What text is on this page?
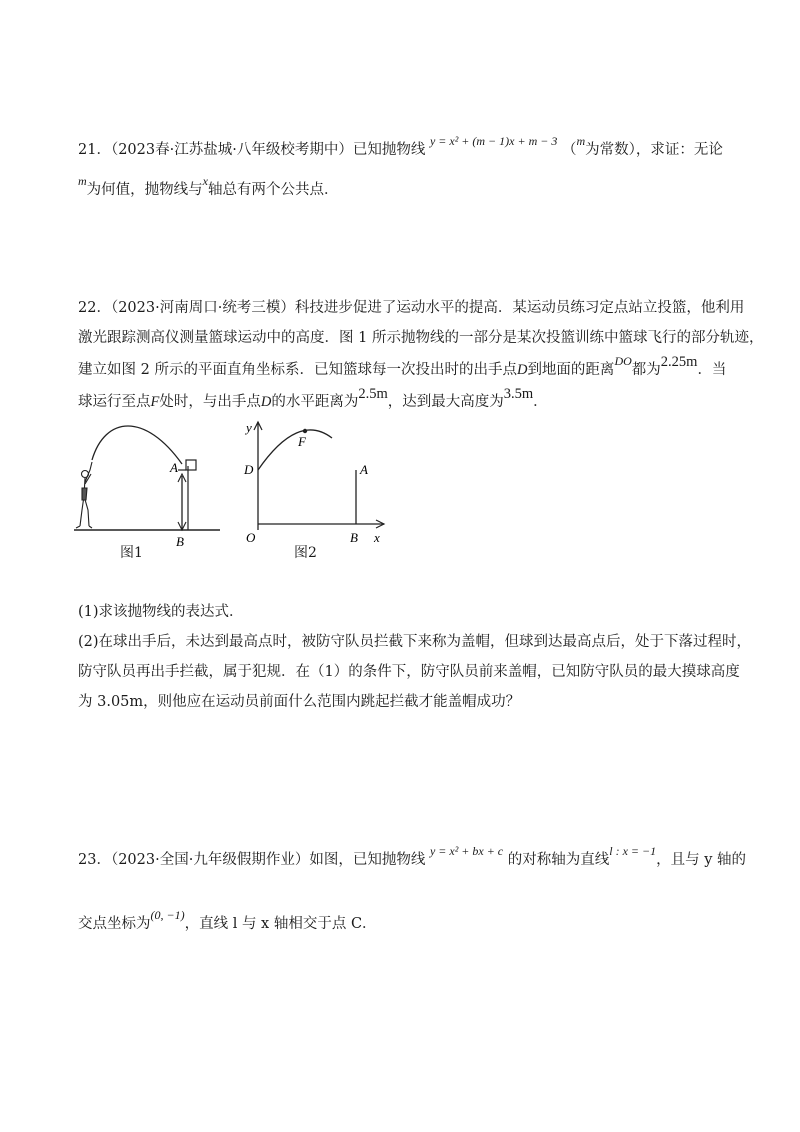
21．（2023春·江苏盐城·八年级校考期中）已知抛物线 $^{y = x^2 + (m - 1)x + m - 3}$ （$^m$为常数），求证：无论
$^m$为何值，抛物线与$^x$轴总有两个公共点．
22．（2023·河南周口·统考三模）科技进步促进了运动水平的提高．某运动员练习定点站立投篮，他利用
激光跟踪测高仪测量篮球运动中的高度．图 1 所示抛物线的一部分是某次投篮训练中篮球飞行的部分轨迹，
建立如图 2 所示的平面直角坐标系．已知篮球每一次投出时的出手点D到地面的距离$^{DO}$都为2.25m．当
球运行至点F处时，与出手点D的水平距离为2.5m，达到最大高度为3.5m．
A
B
图1
y
F
D	A
O	B x
图2
(1)求该抛物线的表达式．
(2)在球出手后，未达到最高点时，被防守队员拦截下来称为盖帽，但球到达最高点后，处于下落过程时，
防守队员再出手拦截，属于犯规．在（1）的条件下，防守队员前来盖帽，已知防守队员的最大摸球高度
为 3.05m，则他应在运动员前面什么范围内跳起拦截才能盖帽成功？
23．（2023·全国·九年级假期作业）如图，已知抛物线 $^{y = x^2 + bx + c}$ 的对称轴为直线$^{l : x = -1}$，且与 y 轴的
交点坐标为$^{(0, -1)}$，直线 l 与 x 轴相交于点 C．
